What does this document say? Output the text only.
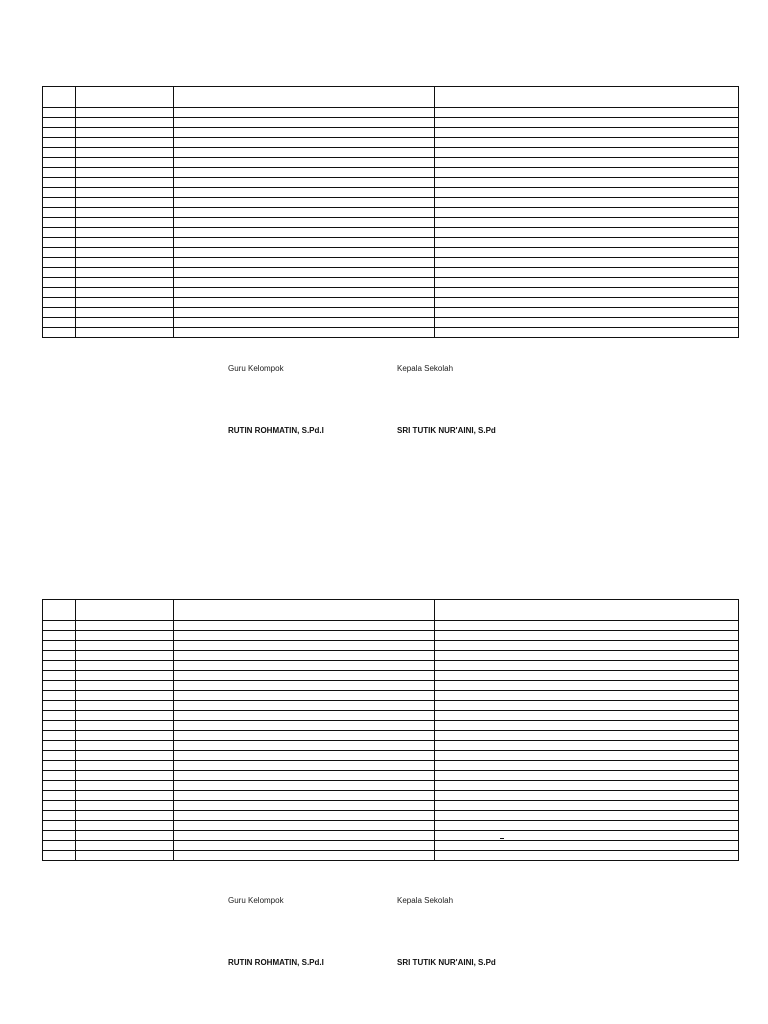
Guru Kelompok	Kepala Sekolah
RUTIN ROHMATIN, S.Pd.I	SRI TUTIK NUR'AINI, S.Pd

Guru Kelompok	Kepala Sekolah
RUTIN ROHMATIN, S.Pd.I	SRI TUTIK NUR'AINI, S.Pd
